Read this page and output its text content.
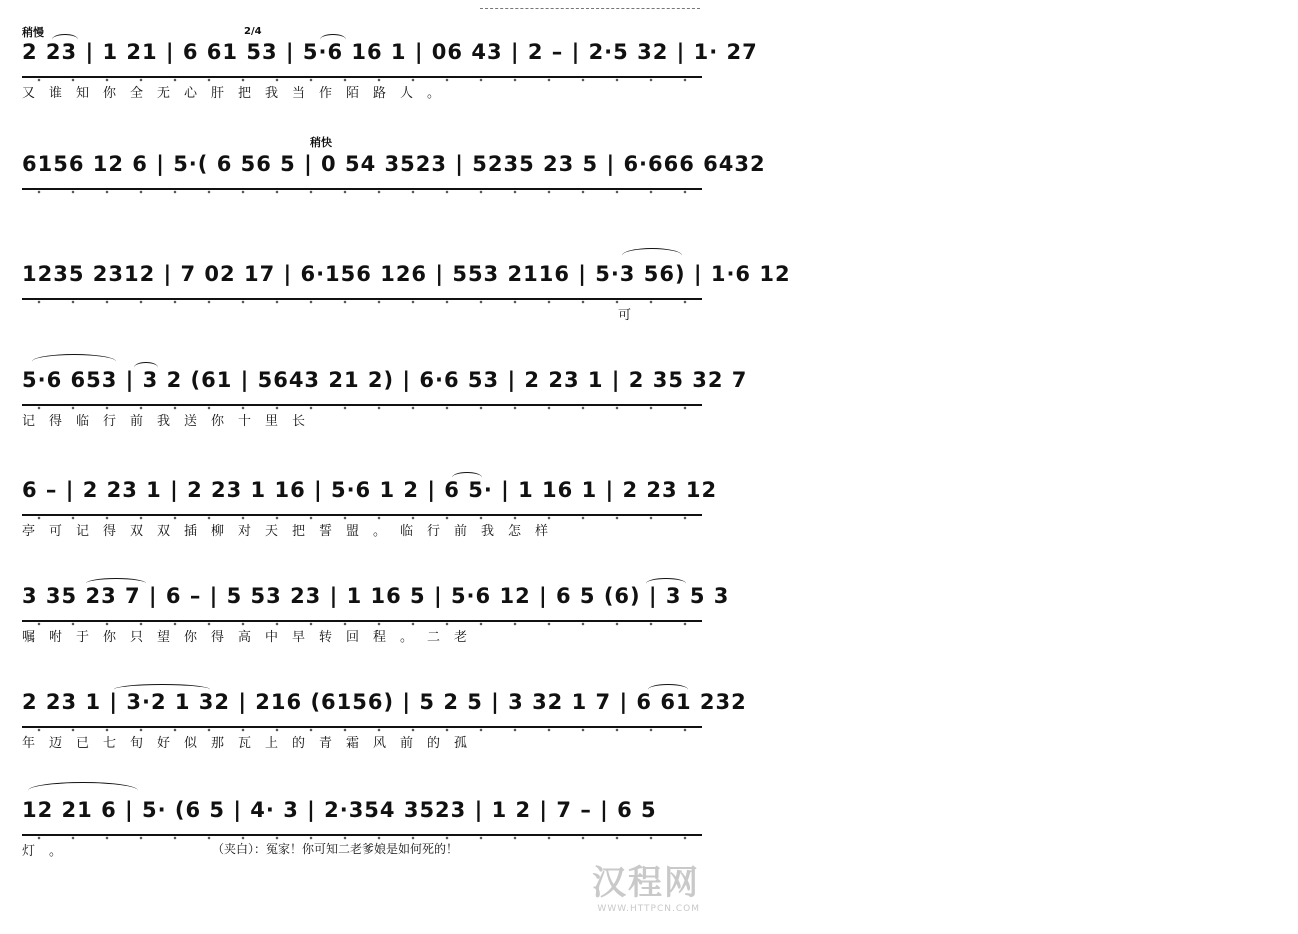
稍慢	2/4
2 23 | 1 21 | 6 61 53 | 5·6 16 1 | 06 43 | 2 – | 2·5 32 | 1· 27
又谁知你全无心肝把我当作陌路人。
稍快
6156 12 6 | 5·( 6 56 5 | 0 54 3523 | 5235 23 5 | 6·666 6432
1235 2312 | 7 02 17 | 6·156 126 | 553 2116 | 5·3 56) | 1·6 12
可
5·6 653 | 3 2 (61 | 5643 21 2) | 6·6 53 | 2 23 1 | 2 35 32 7
记得临行前我送你十里长
6 – | 2 23 1 | 2 23 1 16 | 5·6 1 2 | 6 5· | 1 16 1 | 2 23 12
亭可记得双双插柳对天把誓盟。临行前我怎样
3 35 23 7 | 6 – | 5 53 23 | 1 16 5 | 5·6 12 | 6 5 (6) | 3 5 3
嘱咐于你只望你得高中早转回程。二老
2 23 1 | 3·2 1 32 | 216 (6156) | 5 2 5 | 3 32 1 7 | 6 61 232
年迈已七旬好似那瓦上的青霜风前的孤
12 21 6 | 5· (6 5 | 4· 3 | 2·354 3523 | 1 2 | 7 – | 6 5
灯。	（夹白）：冤家！你可知二老爹娘是如何死的！
汉程网
WWW.HTTPCN.COM
